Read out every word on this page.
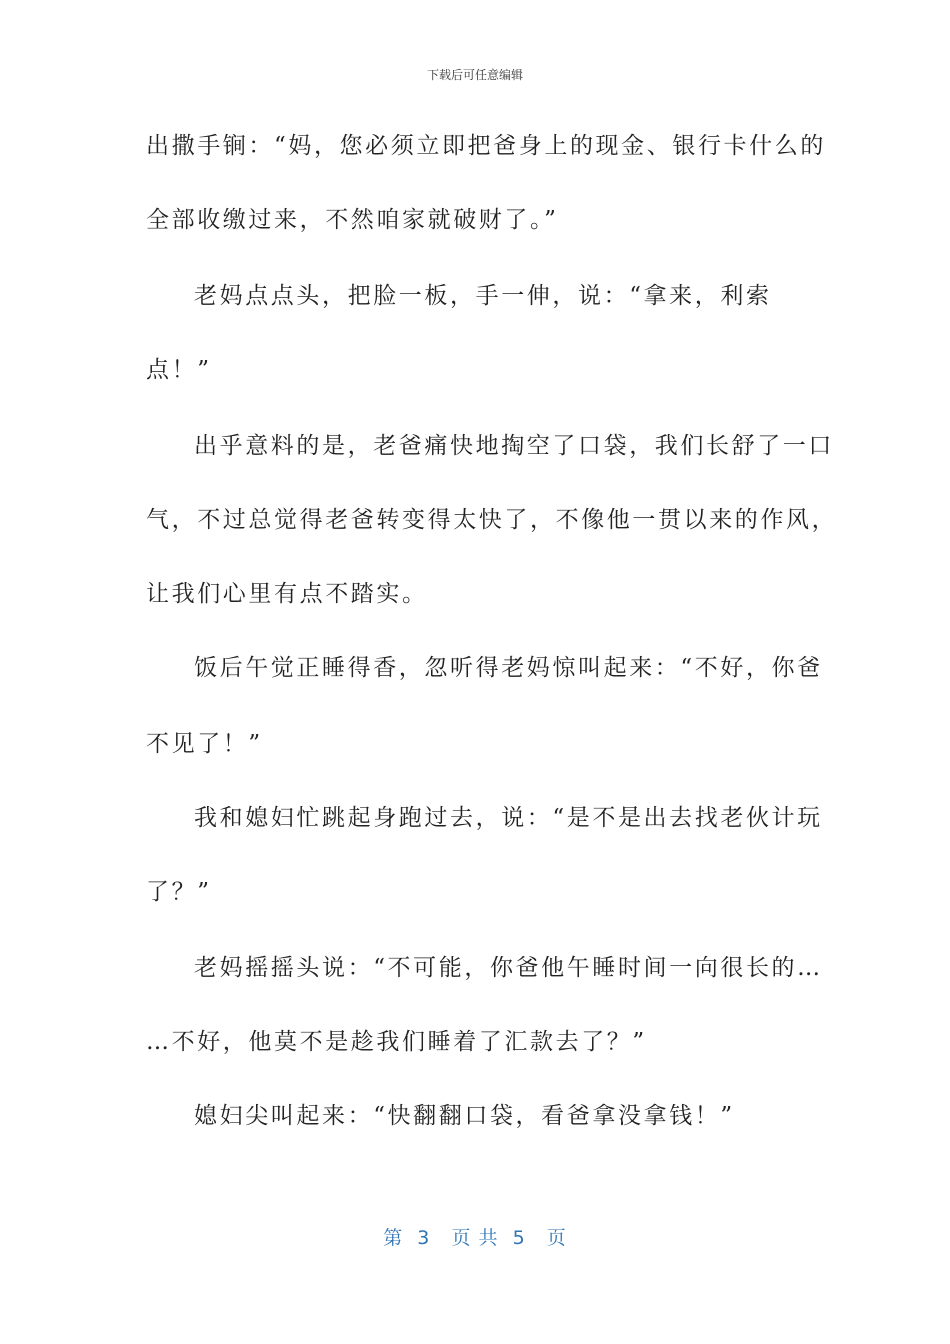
下载后可任意编辑
出撒手锏：“妈，您必须立即把爸身上的现金、银行卡什么的
全部收缴过来，不然咱家就破财了。”
老妈点点头，把脸一板，手一伸，说：“拿来，利索
点！”
出乎意料的是，老爸痛快地掏空了口袋，我们长舒了一口
气，不过总觉得老爸转变得太快了，不像他一贯以来的作风，
让我们心里有点不踏实。
饭后午觉正睡得香，忽听得老妈惊叫起来：“不好，你爸
不见了！”
我和媳妇忙跳起身跑过去，说：“是不是出去找老伙计玩
了？”
老妈摇摇头说：“不可能，你爸他午睡时间一向很长的…
…不好，他莫不是趁我们睡着了汇款去了？”
媳妇尖叫起来：“快翻翻口袋，看爸拿没拿钱！”
第  3   页 共  5   页
